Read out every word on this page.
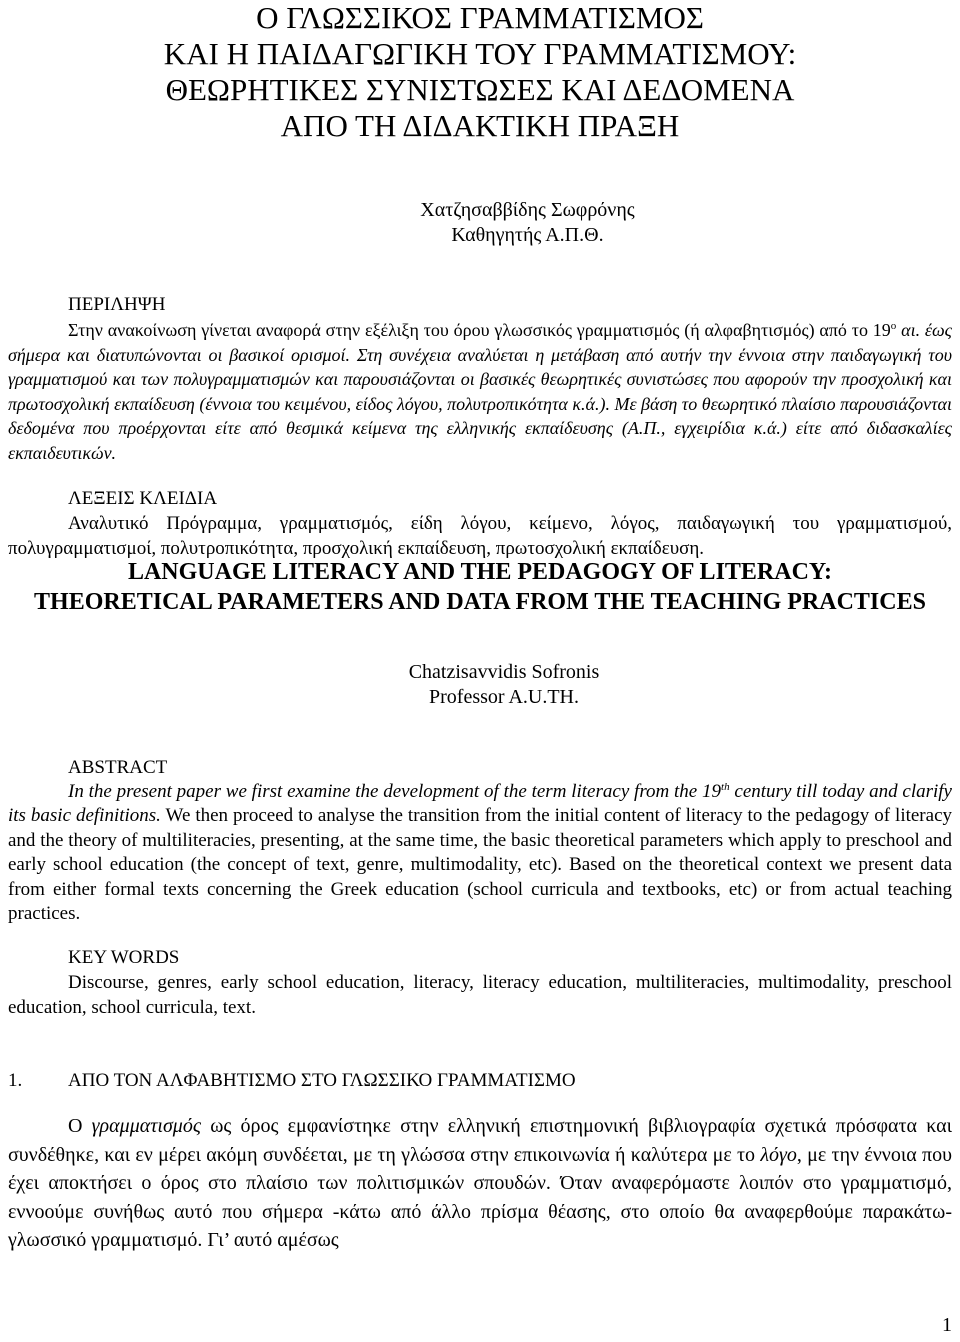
Ο ΓΛΩΣΣΙΚΟΣ ΓΡΑΜΜΑΤΙΣΜΟΣ

ΚΑΙ Η ΠΑΙΔΑΓΩΓΙΚΗ ΤΟΥ ΓΡΑΜΜΑΤΙΣΜΟΥ:

ΘΕΩΡΗΤΙΚΕΣ ΣΥΝΙΣΤΩΣΕΣ ΚΑΙ ΔΕΔΟΜΕΝΑ

ΑΠΟ ΤΗ ΔΙΔΑΚΤΙΚΗ ΠΡΑΞΗ

Χατζησαββίδης Σωφρόνης
Καθηγητής Α.Π.Θ.
ΠΕΡΙΛΗΨΗ
Στην ανακοίνωση γίνεται αναφορά στην εξέλιξη του όρου γλωσσικός γραμματισμός (ή αλφαβητισμός) από το $19^o$ αι. έως σήμερα και διατυπώνονται οι βασικοί ορισμοί. Στη συνέχεια αναλύεται η μετάβαση από αυτήν την έννοια στην παιδαγωγική του γραμματισμού και των πολυγραμματισμών και παρουσιάζονται οι βασικές θεωρητικές συνιστώσες που αφορούν την προσχολική και πρωτοσχολική εκπαίδευση (έννοια του κειμένου, είδος λόγου, πολυτροπικότητα κ.ά.). Με βάση το θεωρητικό πλαίσιο παρουσιάζονται δεδομένα που προέρχονται είτε από θεσμικά κείμενα της ελληνικής εκπαίδευσης (Α.Π., εγχειρίδια κ.ά.) είτε από διδασκαλίες εκπαιδευτικών.
ΛΕΞΕΙΣ ΚΛΕΙΔΙΑ
Αναλυτικό Πρόγραμμα, γραμματισμός, είδη λόγου, κείμενο, λόγος, παιδαγωγική του γραμματισμού, πολυγραμματισμοί, πολυτροπικότητα, προσχολική εκπαίδευση, πρωτοσχολική εκπαίδευση.
LANGUAGE LITERACY AND THE PEDAGOGY OF LITERACY:
THEORETICAL PARAMETERS AND DATA FROM THE TEACHING PRACTICES
Chatzisavvidis Sofronis
Professor A.U.TH.
ABSTRACT
In the present paper we first examine the development of the term literacy from the 19th century till today and clarify its basic definitions. We then proceed to analyse the transition from the initial content of literacy to the pedagogy of literacy and the theory of multiliteracies, presenting, at the same time, the basic theoretical parameters which apply to preschool and early school education (the concept of text, genre, multimodality, etc). Based on the theoretical context we present data from either formal texts concerning the Greek education (school curricula and textbooks, etc) or from actual teaching practices.
KEY WORDS
Discourse, genres, early school education, literacy, literacy education, multiliteracies, multimodality, preschool education, school curricula, text.
1. ΑΠΟ ΤΟΝ ΑΛΦΑΒΗΤΙΣΜΟ ΣΤΟ ΓΛΩΣΣΙΚΟ ΓΡΑΜΜΑΤΙΣΜΟ
Ο γραμματισμός ως όρος εμφανίστηκε στην ελληνική επιστημονική βιβλιογραφία σχετικά πρόσφατα και συνδέθηκε, και εν μέρει ακόμη συνδέεται, με τη γλώσσα στην επικοινωνία ή καλύτερα με το λόγο, με την έννοια που έχει αποκτήσει ο όρος στο πλαίσιο των πολιτισμικών σπουδών. Όταν αναφερόμαστε λοιπόν στο γραμματισμό, εννοούμε συνήθως αυτό που σήμερα -κάτω από άλλο πρίσμα θέασης, στο οποίο θα αναφερθούμε παρακάτω- γλωσσικό γραμματισμό. Γι’ αυτό αμέσως
1
